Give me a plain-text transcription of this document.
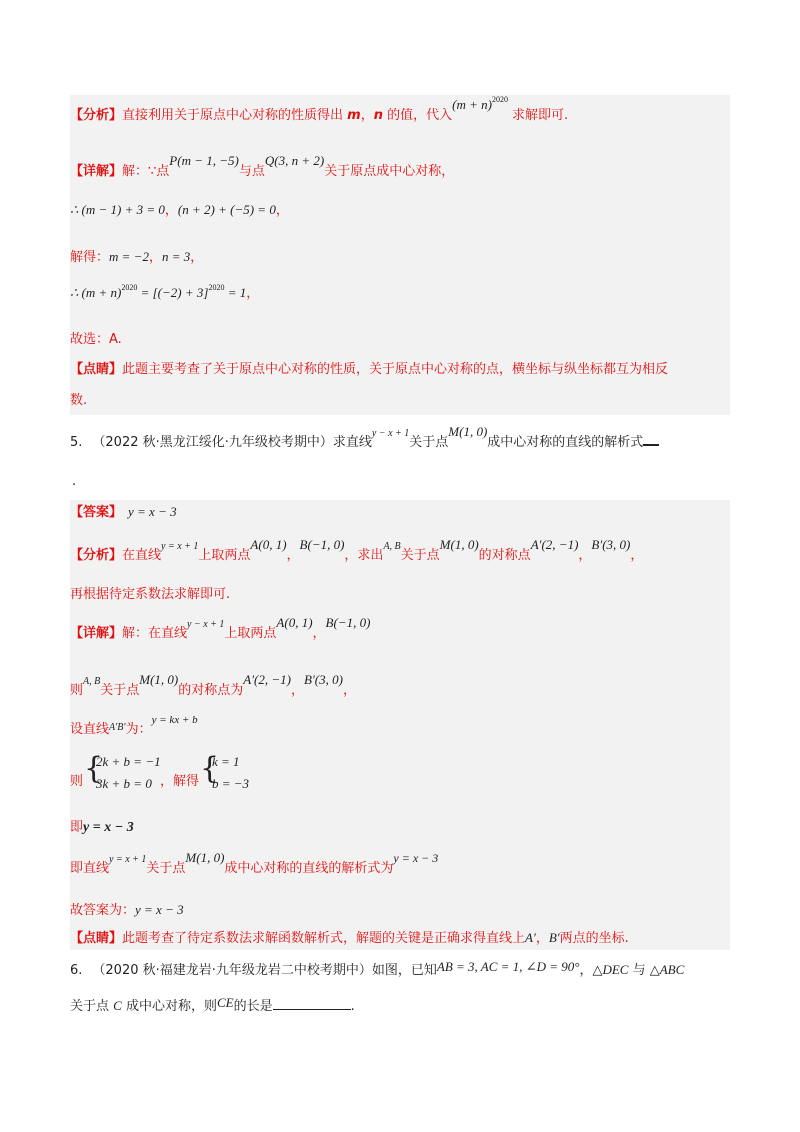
【分析】直接利用关于原点中心对称的性质得出 m，n 的值，代入$(m + n)^{2020}$求解即可.
【详解】解：∵点P(m − 1, −5)与点Q(3, n + 2)关于原点成中心对称，
∴ (m − 1) + 3 = 0，(n + 2) + (−5) = 0，
解得：m = −2，n = 3，
∴ $(m + n)^{2020} = [(-2) + 3]^{2020} = 1$，
故选：A.
【点睛】此题主要考查了关于原点中心对称的性质，关于原点中心对称的点，横坐标与纵坐标都互为相反
数.
5. （2022 秋·黑龙江绥化·九年级校考期中）求直线$^{y - x + 1}$关于点M(1, 0)成中心对称的直线的解析式
.
【答案】 y = x − 3
【分析】在直线$^{y = x + 1}$上取两点A(0, 1)，B(−1, 0)，求出$^{A, B}$关于点M(1, 0)的对称点A′(2, −1)，B′(3, 0)，
再根据待定系数法求解即可.
【详解】解：在直线$^{y - x + 1}$上取两点A(0, 1)，B(−1, 0)
则$^{A, B}$关于点M(1, 0)的对称点为A′(2, −1)，B′(3, 0)，
设直线$^{A'B'}$为：$^{y = kx + b}$
则 {
2k + b = −1
3k + b = 0 ，解得 {
k = 1
b = −3
即y = x − 3
即直线$^{y = x + 1}$关于点M(1, 0)成中心对称的直线的解析式为y = x − 3
故答案为：y = x − 3
【点睛】此题考查了待定系数法求解函数解析式，解题的关键是正确求得直线上A′，B′两点的坐标.
6. （2020 秋·福建龙岩·九年级龙岩二中校考期中）如图，已知AB = 3, AC = 1, ∠D = 90°，△DEC 与 △ABC
关于点 C 成中心对称，则CE的长是	.
